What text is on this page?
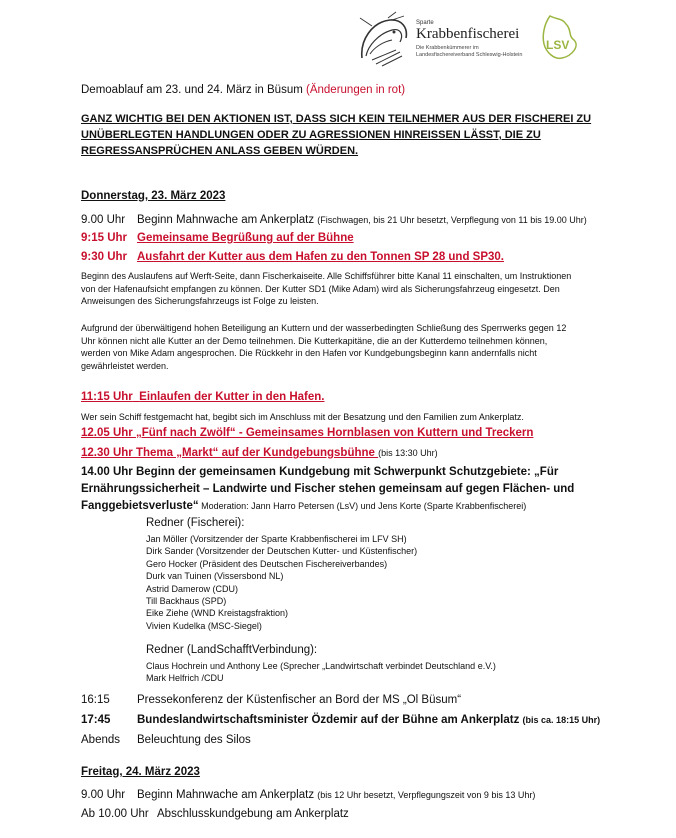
Sparte
Krabbenfischerei
Die Krabbenkümmerer im
Landesfischereiverband Schleswig-Holstein
LSV
Demoablauf am 23. und 24. März in Büsum (Änderungen in rot)
GANZ WICHTIG BEI DEN AKTIONEN IST, DASS SICH KEIN TEILNEHMER AUS DER FISCHEREI ZU
UNÜBERLEGTEN HANDLUNGEN ODER ZU AGRESSIONEN HINREISSEN LÄSST, DIE ZU
REGRESSANSPRÜCHEN ANLASS GEBEN WÜRDEN.
Donnerstag, 23. März 2023
9.00 Uhr Beginn Mahnwache am Ankerplatz (Fischwagen, bis 21 Uhr besetzt, Verpflegung von 11 bis 19.00 Uhr)
9:15 Uhr Gemeinsame Begrüßung auf der Bühne
9:30 Uhr Ausfahrt der Kutter aus dem Hafen zu den Tonnen SP 28 und SP30.
Beginn des Auslaufens auf Werft-Seite, dann Fischerkaiseite. Alle Schiffsführer bitte Kanal 11 einschalten, um Instruktionen
von der Hafenaufsicht empfangen zu können. Der Kutter SD1 (Mike Adam) wird als Sicherungsfahrzeug eingesetzt. Den
Anweisungen des Sicherungsfahrzeugs ist Folge zu leisten.
Aufgrund der überwältigend hohen Beteiligung an Kuttern und der wasserbedingten Schließung des Sperrwerks gegen 12
Uhr können nicht alle Kutter an der Demo teilnehmen. Die Kutterkapitäne, die an der Kutterdemo teilnehmen können,
werden von Mike Adam angesprochen. Die Rückkehr in den Hafen vor Kundgebungsbeginn kann andernfalls nicht
gewährleistet werden.
11:15 Uhr Einlaufen der Kutter in den Hafen.
Wer sein Schiff festgemacht hat, begibt sich im Anschluss mit der Besatzung und den Familien zum Ankerplatz.
12.05 Uhr „Fünf nach Zwölf“ - Gemeinsames Hornblasen von Kuttern und Treckern
12.30 Uhr Thema „Markt“ auf der Kundgebungsbühne (bis 13:30 Uhr)
14.00 Uhr Beginn der gemeinsamen Kundgebung mit Schwerpunkt Schutzgebiete: „Für
Ernährungssicherheit – Landwirte und Fischer stehen gemeinsam auf gegen Flächen- und
Fanggebietsverluste“ Moderation: Jann Harro Petersen (LsV) und Jens Korte (Sparte Krabbenfischerei)
Redner (Fischerei):
Jan Möller (Vorsitzender der Sparte Krabbenfischerei im LFV SH)
Dirk Sander (Vorsitzender der Deutschen Kutter- und Küstenfischer)
Gero Hocker (Präsident des Deutschen Fischereiverbandes)
Durk van Tuinen (Vissersbond NL)
Astrid Damerow (CDU)
Till Backhaus (SPD)
Eike Ziehe (WND Kreistagsfraktion)
Vivien Kudelka (MSC-Siegel)
Redner (LandSchafftVerbindung):
Claus Hochrein und Anthony Lee (Sprecher „Landwirtschaft verbindet Deutschland e.V.)
Mark Helfrich /CDU
16:15 Pressekonferenz der Küstenfischer an Bord der MS „Ol Büsum“
17:45 Bundeslandwirtschaftsminister Özdemir auf der Bühne am Ankerplatz (bis ca. 18:15 Uhr)
Abends Beleuchtung des Silos
Freitag, 24. März 2023
9.00 Uhr Beginn Mahnwache am Ankerplatz (bis 12 Uhr besetzt, Verpflegungszeit von 9 bis 13 Uhr)
Ab 10.00 Uhr Abschlusskundgebung am Ankerplatz
